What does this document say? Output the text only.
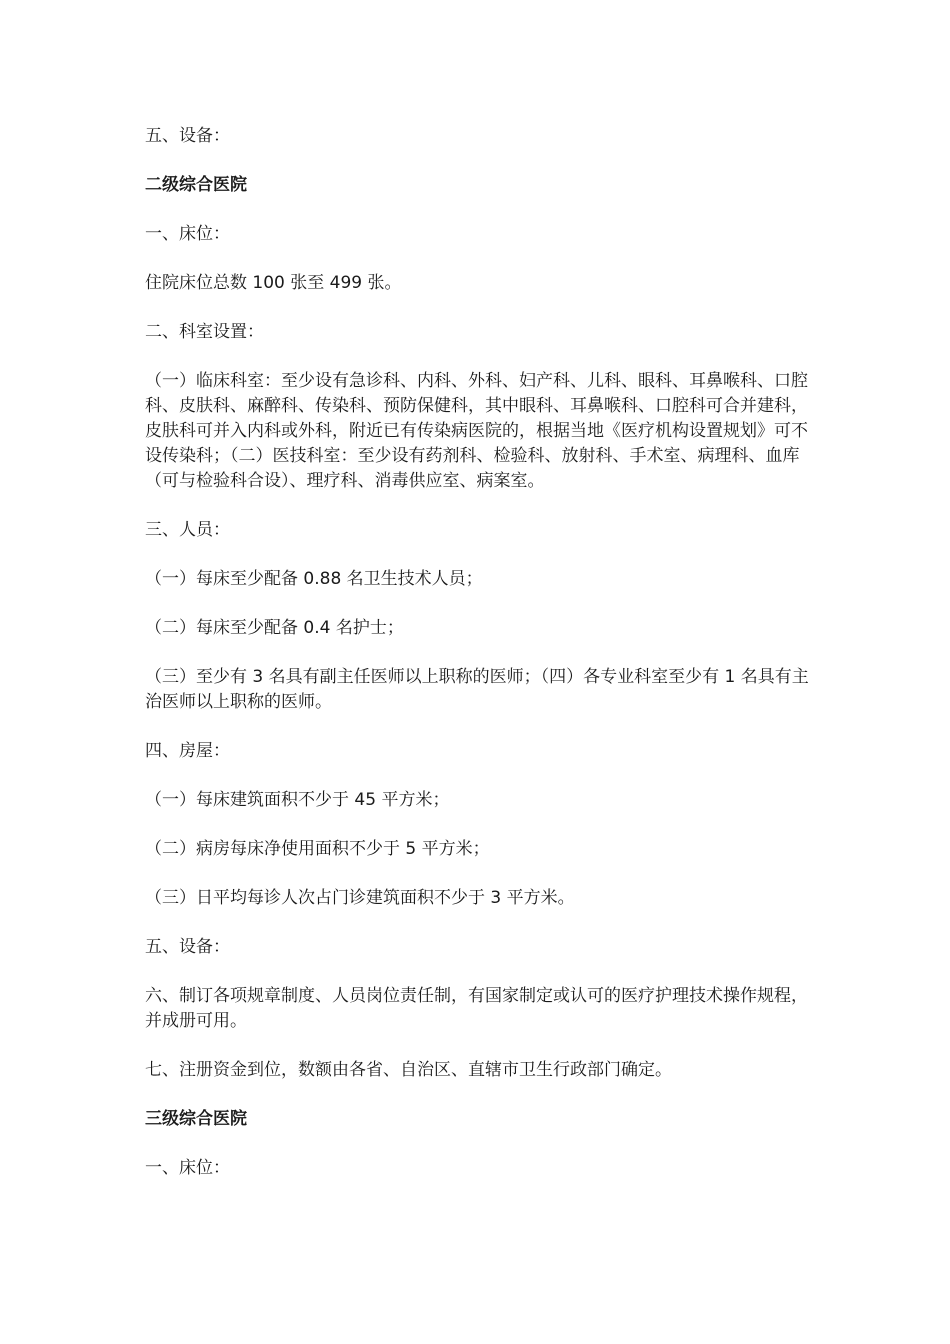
五、设备：

二级综合医院

一、床位：

住院床位总数 100 张至 499 张。

二、科室设置：

（一）临床科室：至少设有急诊科、内科、外科、妇产科、儿科、眼科、耳鼻喉科、口腔科、皮肤科、麻醉科、传染科、预防保健科，其中眼科、耳鼻喉科、口腔科可合并建科，皮肤科可并入内科或外科，附近已有传染病医院的，根据当地《医疗机构设置规划》可不设传染科；（二）医技科室：至少设有药剂科、检验科、放射科、手术室、病理科、血库（可与检验科合设）、理疗科、消毒供应室、病案室。

三、人员：

（一）每床至少配备 0.88 名卫生技术人员；

（二）每床至少配备 0.4 名护士；

（三）至少有 3 名具有副主任医师以上职称的医师；（四）各专业科室至少有 1 名具有主治医师以上职称的医师。

四、房屋：

（一）每床建筑面积不少于 45 平方米；

（二）病房每床净使用面积不少于 5 平方米；

（三）日平均每诊人次占门诊建筑面积不少于 3 平方米。

五、设备：

六、制订各项规章制度、人员岗位责任制，有国家制定或认可的医疗护理技术操作规程，并成册可用。

七、注册资金到位，数额由各省、自治区、直辖市卫生行政部门确定。

三级综合医院

一、床位：
